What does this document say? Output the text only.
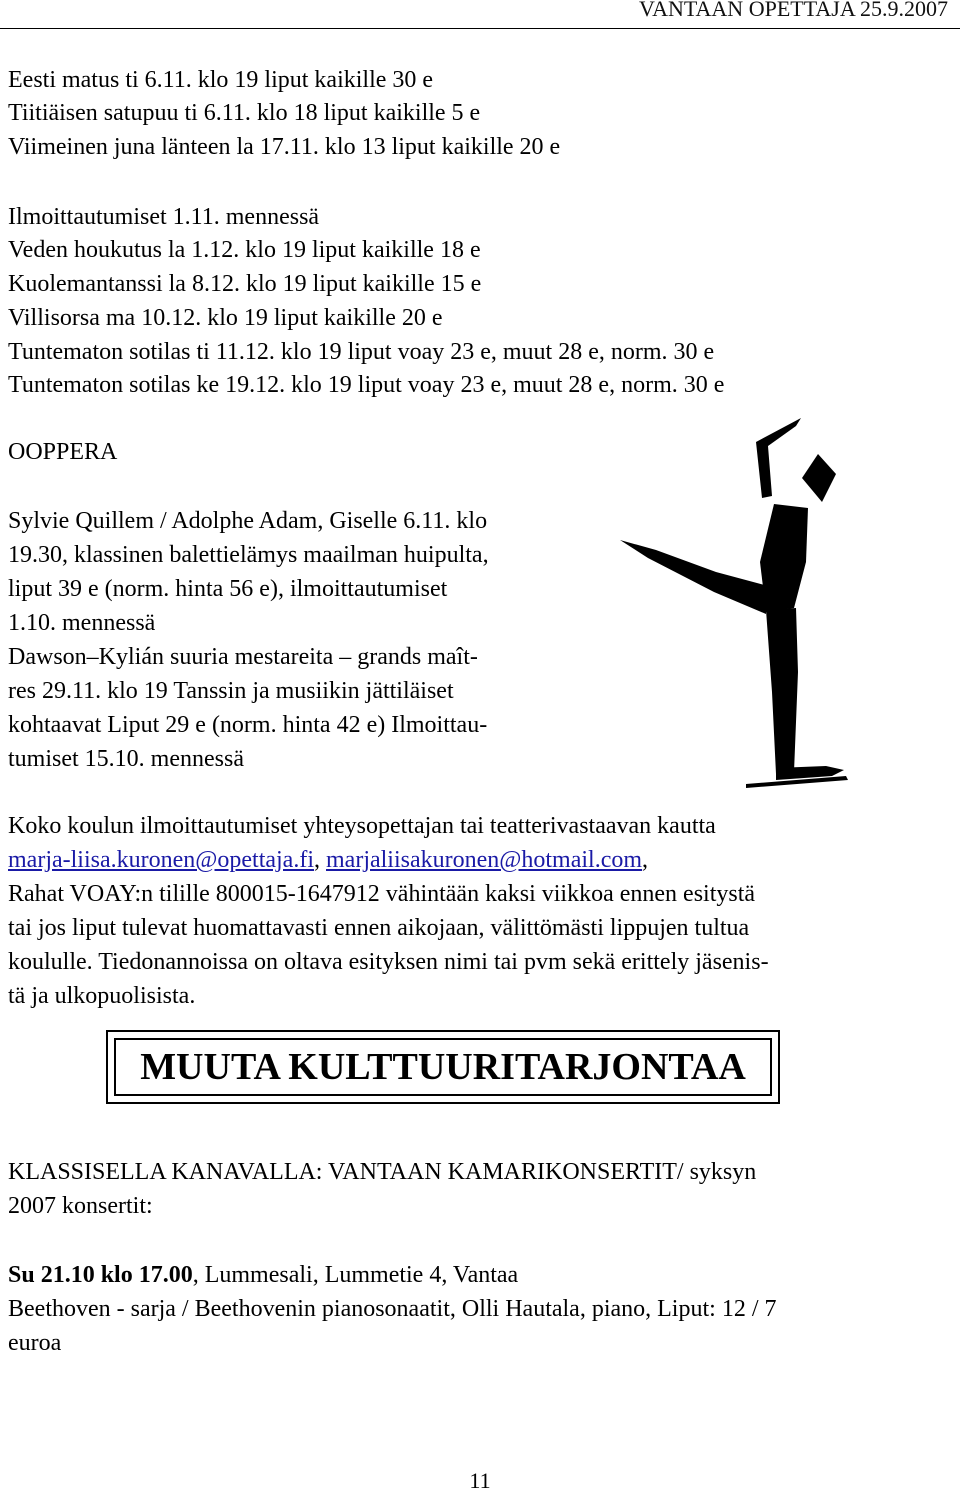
VANTAAN OPETTAJA 25.9.2007
Eesti matus ti 6.11. klo 19 liput kaikille 30 e
Tiitiäisen satupuu ti 6.11. klo 18 liput kaikille 5 e
Viimeinen juna länteen la 17.11. klo 13 liput kaikille 20 e
Ilmoittautumiset 1.11. mennessä
Veden houkutus la 1.12. klo 19 liput kaikille 18 e
Kuolemantanssi la 8.12. klo 19 liput kaikille 15 e
Villisorsa ma 10.12. klo 19 liput kaikille 20 e
Tuntematon sotilas ti 11.12. klo 19 liput voay 23 e, muut 28 e, norm. 30 e
Tuntematon sotilas ke 19.12. klo 19 liput voay 23 e, muut 28 e, norm. 30 e
OOPPERA
Sylvie Quillem / Adolphe Adam, Giselle 6.11. klo
19.30, klassinen balettielämys maailman huipulta,
liput 39 e (norm. hinta 56 e), ilmoittautumiset
1.10. mennessä
Dawson–Kylián suuria mestareita – grands maît-
res 29.11. klo 19 Tanssin ja musiikin jättiläiset
kohtaavat Liput 29 e (norm. hinta 42 e) Ilmoittau-
tumiset 15.10. mennessä
Koko koulun ilmoittautumiset yhteysopettajan tai teatterivastaavan kautta
marja-liisa.kuronen@opettaja.fi, marjaliisakuronen@hotmail.com,
Rahat VOAY:n tilille 800015-1647912 vähintään kaksi viikkoa ennen esitystä
tai jos liput tulevat huomattavasti ennen aikojaan, välittömästi lippujen tultua
koululle. Tiedonannoissa on oltava esityksen nimi tai pvm sekä erittely jäsenis-
tä ja ulkopuolisista.
MUUTA KULTTUURITARJONTAA
KLASSISELLA KANAVALLA: VANTAAN KAMARIKONSERTIT/ syksyn
2007 konsertit:
Su 21.10 klo 17.00, Lummesali, Lummetie 4, Vantaa
Beethoven - sarja / Beethovenin pianosonaatit, Olli Hautala, piano, Liput: 12 / 7
euroa
11
